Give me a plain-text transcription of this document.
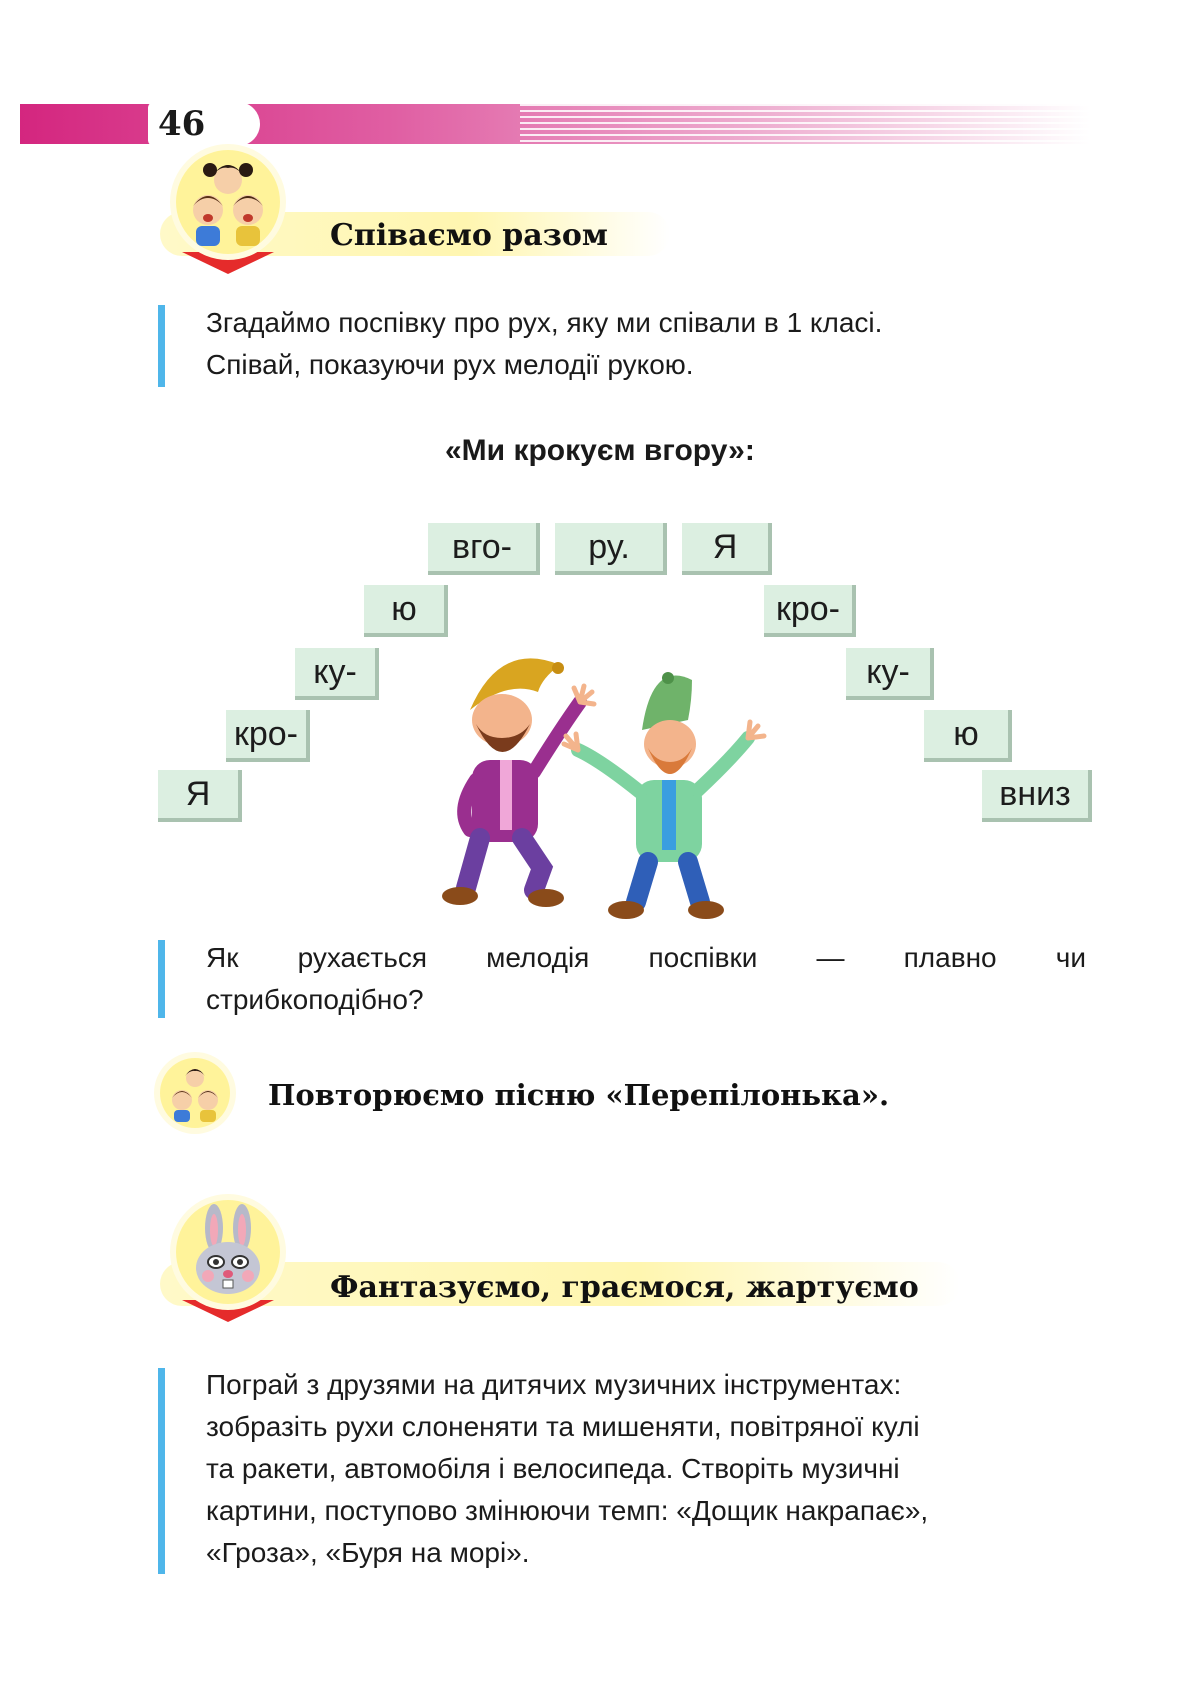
46
Співаємо разом
Згадаймо поспівку про рух, яку ми співали в 1 класі.
Співай, показуючи рух мелодії рукою.
«Ми крокуєм вгору»:
Я
кро-
ку-
ю
вго-	ру.	Я
кро-
ку-
ю
вниз
Як рухається мелодія поспівки — плавно чи
стрибкоподібно?
Повторюємо пісню «Перепілонька».
Фантазуємо, граємося, жартуємо
Пограй з друзями на дитячих музичних інструментах:
зобразіть рухи слоненяти та мишеняти, повітряної кулі
та ракети, автомобіля і велосипеда. Створіть музичні
картини, поступово змінюючи темп: «Дощик накрапає»,
«Гроза», «Буря на морі».
